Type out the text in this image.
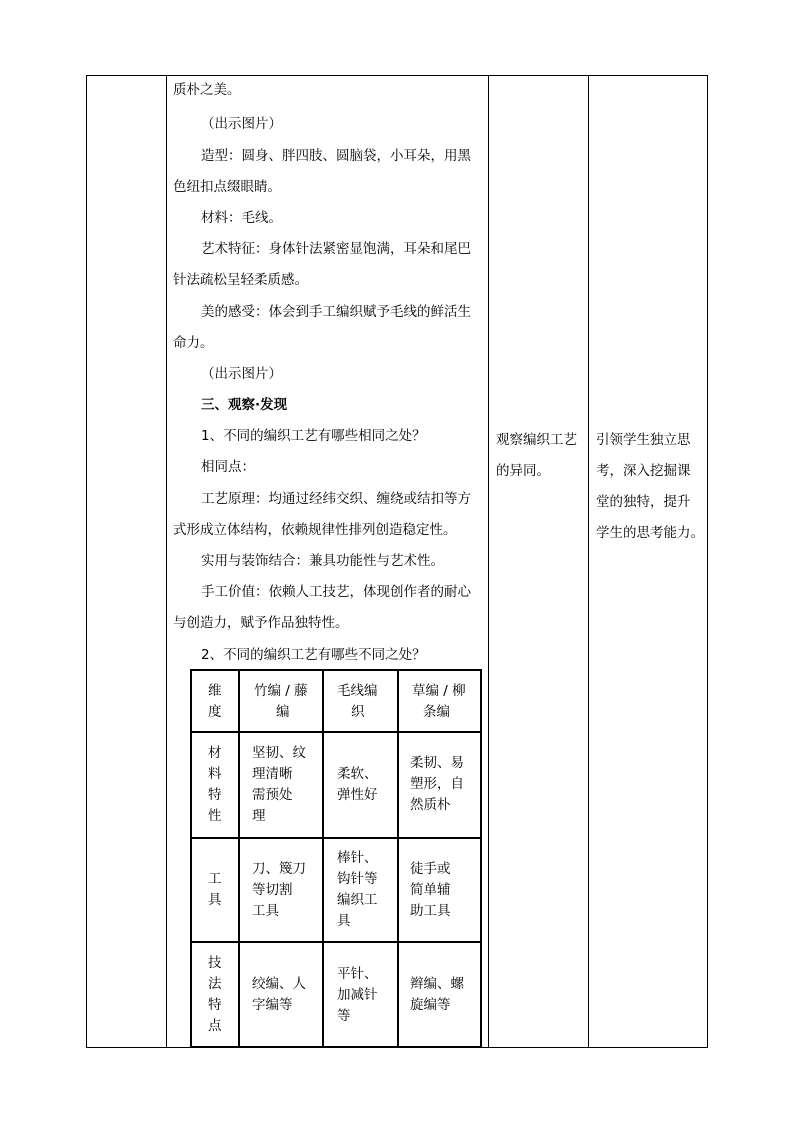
质朴之美。
（出示图片）
造型：圆身、胖四肢、圆脑袋，小耳朵，用黑
色纽扣点缀眼睛。
材料：毛线。
艺术特征：身体针法紧密显饱满，耳朵和尾巴
针法疏松呈轻柔质感。
美的感受：体会到手工编织赋予毛线的鲜活生
命力。
（出示图片）
三、观察·发现
1、不同的编织工艺有哪些相同之处？
相同点：
工艺原理：均通过经纬交织、缠绕或结扣等方
式形成立体结构，依赖规律性排列创造稳定性。
实用与装饰结合：兼具功能性与艺术性。
手工价值：依赖人工技艺，体现创作者的耐心
与创造力，赋予作品独特性。
2、不同的编织工艺有哪些不同之处？
观察编织工艺
的异同。
引领学生独立思
考，深入挖掘课
堂的独特，提升
学生的思考能力。
维
度
竹编 / 藤
编
毛线编
织
草编 / 柳
条编
材
料
特
性
坚韧、纹
理清晰
需预处
理
柔软、
弹性好
柔韧、易
塑形，自
然质朴
工
具
刀、篾刀
等切割
工具
棒针、
钩针等
编织工
具
徒手或
简单辅
助工具
技
法
特
点
绞编、人
字编等
平针、
加减针
等
辫编、螺
旋编等
